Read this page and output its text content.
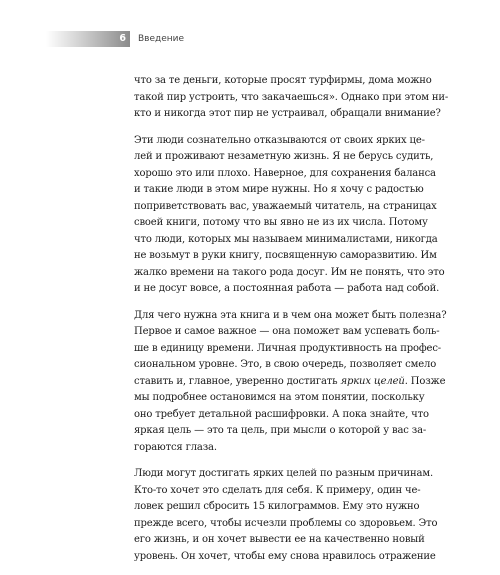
6 Введение

что за те деньги, которые просят турфирмы, дома можно
такой пир устроить, что закачаешься». Однако при этом ни-
кто и никогда этот пир не устраивал, обращали внимание?

Эти люди сознательно отказываются от своих ярких це-
лей и проживают незаметную жизнь. Я не берусь судить,
хорошо это или плохо. Наверное, для сохранения баланса
и такие люди в этом мире нужны. Но я хочу с радостью
поприветствовать вас, уважаемый читатель, на страницах
своей книги, потому что вы явно не из их числа. Потому
что люди, которых мы называем минималистами, никогда
не возьмут в руки книгу, посвященную саморазвитию. Им
жалко времени на такого рода досуг. Им не понять, что это
и не досуг вовсе, а постоянная работа — работа над собой.

Для чего нужна эта книга и в чем она может быть полезна?
Первое и самое важное — она поможет вам успевать боль-
ше в единицу времени. Личная продуктивность на профес-
сиональном уровне. Это, в свою очередь, позволяет смело
ставить и, главное, уверенно достигать ярких целей. Позже
мы подробнее остановимся на этом понятии, поскольку
оно требует детальной расшифровки. А пока знайте, что
яркая цель — это та цель, при мысли о которой у вас за-
гораются глаза.

Люди могут достигать ярких целей по разным причинам.
Кто-то хочет это сделать для себя. К примеру, один че-
ловек решил сбросить 15 килограммов. Ему это нужно
прежде всего, чтобы исчезли проблемы со здоровьем. Это
его жизнь, и он хочет вывести ее на качественно новый
уровень. Он хочет, чтобы ему снова нравилось отражение
